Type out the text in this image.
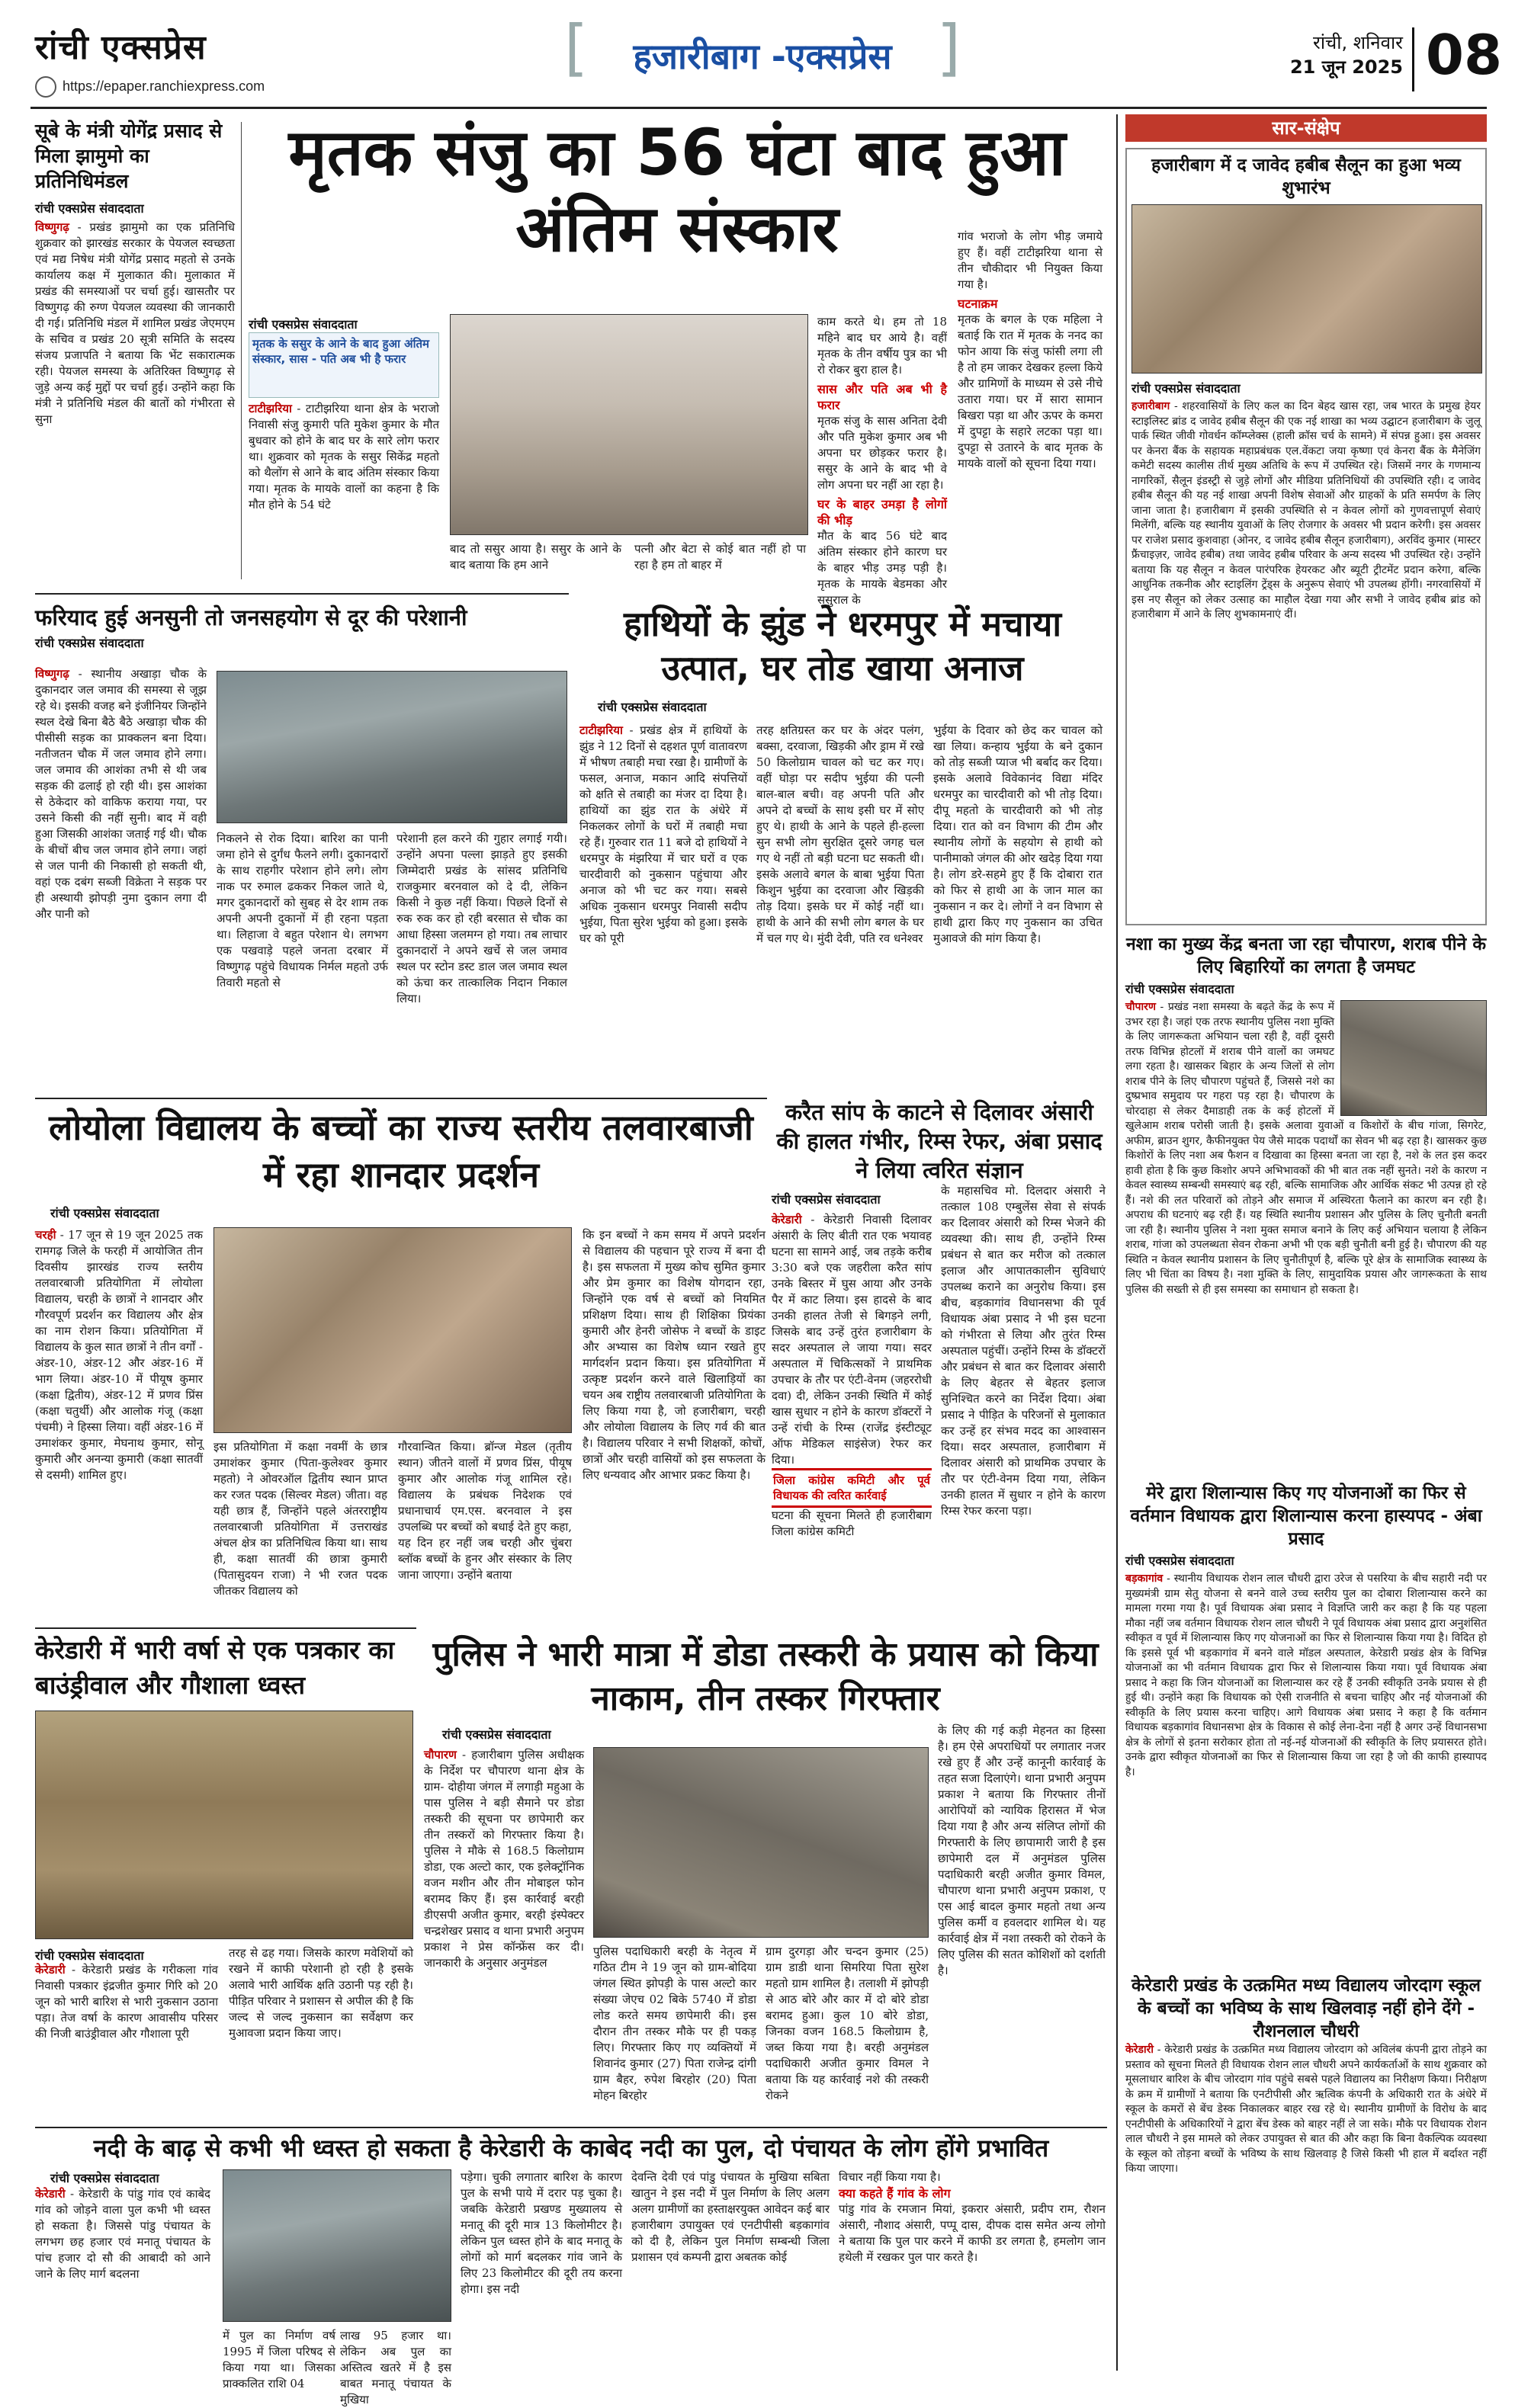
रांची एक्सप्रेस
https://epaper.ranchiexpress.com
[	हजारीबाग -एक्सप्रेस ]	रांची, शनिवार
21 जून 2025 08
सूबे के मंत्री योगेंद्र प्रसाद से मिला झामुमो का प्रतिनिधिमंडल
रांची एक्सप्रेस संवाददाता
विष्णुगढ़ - प्रखंड झामुमो का एक प्रतिनिधि शुक्रवार को झारखंड सरकार के पेयजल स्वच्छता एवं मद्य निषेध मंत्री योगेंद्र प्रसाद महतो से उनके कार्यालय कक्ष में मुलाकात की। मुलाकात में प्रखंड की समस्याओं पर चर्चा हुई। खासतौर पर विष्णुगढ़ की रुग्ण पेयजल व्यवस्था की जानकारी दी गई। प्रतिनिधि मंडल में शामिल प्रखंड जेएमएम के सचिव व प्रखंड 20 सूत्री समिति के सदस्य संजय प्रजापति ने बताया कि भेंट सकारात्मक रही। पेयजल समस्या के अतिरिक्त विष्णुगढ़ से जुड़े अन्य कई मुद्दों पर चर्चा हुई। उन्होंने कहा कि मंत्री ने प्रतिनिधि मंडल की बातों को गंभीरता से सुना
मृतक संजु का 56 घंटा बाद हुआ अंतिम संस्कार
रांची एक्सप्रेस संवाददाता
मृतक के ससुर के आने के बाद हुआ अंतिम संस्कार, सास - पति अब भी है फरार
टाटीझरिया - टाटीझरिया थाना क्षेत्र के भराजो निवासी संजु कुमारी पति मुकेश कुमार के मौत बुधवार को होने के बाद घर के सारे लोग फरार था। शुक्रवार को मृतक के ससुर सिकेंद्र महतो को थैलोंग से आने के बाद अंतिम संस्कार किया गया। मृतक के मायके वालों का कहना है कि मौत होने के 54 घंटे
बाद तो ससुर आया है। ससुर के आने के बाद बताया कि हम आने
पत्नी और बेटा से कोई बात नहीं हो पा रहा है हम तो बाहर में

काम करते थे। हम तो 18 महिने बाद घर आये है। वहीं मृतक के तीन वर्षीय पुत्र का भी रो रोकर बुरा हाल है।

सास और पति अब भी है फरार

मृतक संजु के सास अनिता देवी और पति मुकेश कुमार अब भी अपना घर छोड़कर फरार है। ससुर के आने के बाद भी वे लोग अपना घर नहीं आ रहा है।

घर के बाहर उमड़ा है लोगों की भीड़

मौत के बाद 56 घंटे बाद अंतिम संस्कार होने कारण घर के बाहर भीड़ उमड़ पड़ी है। मृतक के मायके बेडमका और ससुराल के

गांव भराजो के लोग भीड़ जमाये हुए हैं। वहीं टाटीझरिया थाना से तीन चौकीदार भी नियुक्त किया गया है।

घटनाक्रम

मृतक के बगल के एक महिला ने बताई कि रात में मृतक के ननद का फोन आया कि संजु फांसी लगा ली है तो हम जाकर देखकर हल्ला किये और ग्रामिणों के माध्यम से उसे नीचे उतारा गया। घर में सारा सामान बिखरा पड़ा था और ऊपर के कमरा में दुपट्टा के सहारे लटका पड़ा था। दुपट्टा से उतारने के बाद मृतक के मायके वालों को सूचना दिया गया।

फरियाद हुई अनसुनी तो जनसहयोग से दूर की परेशानी
रांची एक्सप्रेस संवाददाता
विष्णुगढ़ - स्थानीय अखाड़ा चौक के दुकानदार जल जमाव की समस्या से जूझ रहे थे। इसकी वजह बने इंजीनियर जिन्होंने स्थल देखे बिना बैठे बैठे अखाड़ा चौक की पीसीसी सड़क का प्राक्कलन बना दिया। नतीजतन चौक में जल जमाव होने लगा। जल जमाव की आशंका तभी से थी जब सड़क की ढलाई हो रही थी। इस आशंका से ठेकेदार को वाकिफ कराया गया, पर उसने किसी की नहीं सुनी। बाद में वही हुआ जिसकी आशंका जताई गई थी। चौक के बीचों बीच जल जमाव होने लगा। जहां से जल पानी की निकासी हो सकती थी, वहां एक दबंग सब्जी विक्रेता ने सड़क पर ही अस्थायी झोपड़ी नुमा दुकान लगा दी और पानी को
निकलने से रोक दिया। बारिश का पानी जमा होने से दुर्गंध फैलने लगी। दुकानदारों के साथ राहगीर परेशान होने लगे। लोग नाक पर रुमाल ढककर निकल जाते थे, मगर दुकानदारों को सुबह से देर शाम तक अपनी अपनी दुकानों में ही रहना पड़ता था। लिहाजा वे बहुत परेशान थे। लगभग एक पखवाड़े पहले जनता दरबार में विष्णुगढ़ पहुंचे विधायक निर्मल महतो उर्फ तिवारी महतो से
परेशानी हल करने की गुहार लगाई गयी। उन्होंने अपना पल्ला झाड़ते हुए इसकी जिम्मेदारी प्रखंड के सांसद प्रतिनिधि राजकुमार बरनवाल को दे दी, लेकिन किसी ने कुछ नहीं किया। पिछले दिनों से रुक रुक कर हो रही बरसात से चौक का आधा हिस्सा जलमग्न हो गया। तब लाचार दुकानदारों ने अपने खर्चे से जल जमाव स्थल पर स्टोन डस्ट डाल जल जमाव स्थल को ऊंचा कर तात्कालिक निदान निकाल लिया।
हाथियों के झुंड ने धरमपुर में मचाया उत्पात, घर तोड खाया अनाज
रांची एक्सप्रेस संवाददाता
टाटीझरिया - प्रखंड क्षेत्र में हाथियों के झुंड ने 12 दिनों से दहशत पूर्ण वातावरण में भीषण तबाही मचा रखा है। ग्रामीणों के फसल, अनाज, मकान आदि संपत्तियों को क्षति से तबाही का मंजर दा दिया है। हाथियों का झुंड रात के अंधेरे में निकलकर लोगों के घरों में तबाही मचा रहे हैं। गुरुवार रात 11 बजे दो हाथियों ने धरमपुर के मंझरिया में चार घरों व एक चारदीवारी को नुकसान पहुंचाया और अनाज को भी चट कर गया। सबसे अधिक नुकसान धरमपुर निवासी सदीप भुईया, पिता सुरेश भुईया को हुआ। इसके घर को पूरी
तरह क्षतिग्रस्त कर घर के अंदर पलंग, बक्सा, दरवाजा, खिड़की और ड्राम में रखे 50 किलोग्राम चावल को चट कर गए। वहीं घोड़ा पर सदीप भुईया की पत्नी बाल-बाल बची। वह अपनी पति और अपने दो बच्चों के साथ इसी घर में सोए हुए थे। हाथी के आने के पहले ही-हल्ला सुन सभी लोग सुरक्षित दूसरे जगह चल गए थे नहीं तो बड़ी घटना घट सकती थी। इसके अलावे बगल के बाबा भुईया पिता किशुन भुईया का दरवाजा और खिड़की तोड़ दिया। इसके घर में कोई नहीं था। हाथी के आने की सभी लोग बगल के घर में चल गए थे। मुंदी देवी, पति रव धनेश्वर
भुईया के दिवार को छेद कर चावल को खा लिया। कन्हाय भुईया के बने दुकान को तोड़ सब्जी प्याज भी बर्बाद कर दिया। इसके अलावे विवेकानंद विद्या मंदिर धरमपुर का चारदीवारी को भी तोड़ दिया। दीपू महतो के चारदीवारी को भी तोड़ दिया। रात को वन विभाग की टीम और स्थानीय लोगों के सहयोग से हाथी को पानीमाको जंगल की ओर खदेड़ दिया गया है। लोग डरे-सहमे हुए हैं कि दोबारा रात को फिर से हाथी आ के जान माल का नुकसान न कर दे। लोगों ने वन विभाग से हाथी द्वारा किए गए नुकसान का उचित मुआवजे की मांग किया है।
लोयोला विद्यालय के बच्चों का राज्य स्तरीय तलवारबाजी में रहा शानदार प्रदर्शन
रांची एक्सप्रेस संवाददाता
चरही - 17 जून से 19 जून 2025 तक रामगढ़ जिले के फरही में आयोजित तीन दिवसीय झारखंड राज्य स्तरीय तलवारबाजी प्रतियोगिता में लोयोला विद्यालय, चरही के छात्रों ने शानदार और गौरवपूर्ण प्रदर्शन कर विद्यालय और क्षेत्र का नाम रोशन किया। प्रतियोगिता में विद्यालय के कुल सात छात्रों ने तीन वर्गों - अंडर-10, अंडर-12 और अंडर-16 में भाग लिया। अंडर-10 में पीयूष कुमार (कक्षा द्वितीय), अंडर-12 में प्रणव प्रिंस (कक्षा चतुर्थी) और आलोक गंजू (कक्षा पंचमी) ने हिस्सा लिया। वहीं अंडर-16 में उमाशंकर कुमार, मेघनाथ कुमार, सोनू कुमारी और अनन्या कुमारी (कक्षा सातवीं से दसमी) शामिल हुए।
इस प्रतियोगिता में कक्षा नवमीं के छात्र उमाशंकर कुमार (पिता-कुलेश्वर कुमार महतो) ने ओवरऑल द्वितीय स्थान प्राप्त कर रजत पदक (सिल्वर मेडल) जीता। वह यही छात्र हैं, जिन्होंने पहले अंतरराष्ट्रीय तलवारबाजी प्रतियोगिता में उत्तराखंड अंचल क्षेत्र का प्रतिनिधित्व किया था। साथ ही, कक्षा सातवीं की छात्रा कुमारी (पितासुदयन राजा) ने भी रजत पदक जीतकर विद्यालय को
गौरवान्वित किया। ब्रॉन्ज मेडल (तृतीय स्थान) जीतने वालों में प्रणव प्रिंस, पीयूष कुमार और आलोक गंजू शामिल रहे। विद्यालय के प्रबंधक निदेशक एवं प्रधानाचार्य एम.एस. बरनवाल ने इस उपलब्धि पर बच्चों को बधाई देते हुए कहा, यह दिन हर नहीं जब चरही और चुंबरा ब्लॉक बच्चों के हुनर और संस्कार के लिए जाना जाएगा। उन्होंने बताया
कि इन बच्चों ने कम समय में अपने प्रदर्शन से विद्यालय की पहचान पूरे राज्य में बना दी है। इस सफलता में मुख्य कोच सुमित कुमार और प्रेम कुमार का विशेष योगदान रहा, जिन्होंने एक वर्ष से बच्चों को नियमित प्रशिक्षण दिया। साथ ही शिक्षिका प्रियंका कुमारी और हेनरी जोसेफ ने बच्चों के डाइट और अभ्यास का विशेष ध्यान रखते हुए मार्गदर्शन प्रदान किया। इस प्रतियोगिता में उत्कृष्ट प्रदर्शन करने वाले खिलाड़ियों का चयन अब राष्ट्रीय तलवारबाजी प्रतियोगिता के लिए किया गया है, जो हजारीबाग, चरही और लोयोला विद्यालय के लिए गर्व की बात है। विद्यालय परिवार ने सभी शिक्षकों, कोचों, छात्रों और चरही वासियों को इस सफलता के लिए धन्यवाद और आभार प्रकट किया है।
करैत सांप के काटने से दिलावर अंसारी की हालत गंभीर, रिम्स रेफर, अंबा प्रसाद ने लिया त्वरित संज्ञान
रांची एक्सप्रेस संवाददाता

केरेडारी - केरेडारी निवासी दिलावर अंसारी के लिए बीती रात एक भयावह घटना सा सामने आई, जब तड़के करीब 3:30 बजे एक जहरीला करैत सांप उनके बिस्तर में घुस आया और उनके पैर में काट लिया। इस हादसे के बाद उनकी हालत तेजी से बिगड़ने लगी, जिसके बाद उन्हें तुरंत हजारीबाग के सदर अस्पताल ले जाया गया। सदर अस्पताल में चिकित्सकों ने प्राथमिक उपचार के तौर पर एंटी-वेनम (जहररोधी दवा) दी, लेकिन उनकी स्थिति में कोई खास सुधार न होने के कारण डॉक्टरों ने उन्हें रांची के रिम्स (राजेंद्र इंस्टीट्यूट ऑफ मेडिकल साइंसेज) रेफर कर दिया।

जिला कांग्रेस कमिटी और पूर्व विधायक की त्वरित कार्रवाई

घटना की सूचना मिलते ही हजारीबाग जिला कांग्रेस कमिटी

के महासचिव मो. दिलदार अंसारी ने तत्काल 108 एम्बुलेंस सेवा से संपर्क कर दिलावर अंसारी को रिम्स भेजने की व्यवस्था की। साथ ही, उन्होंने रिम्स प्रबंधन से बात कर मरीज को तत्काल इलाज और आपातकालीन सुविधाएं उपलब्ध कराने का अनुरोध किया। इस बीच, बड़कागांव विधानसभा की पूर्व विधायक अंबा प्रसाद ने भी इस घटना को गंभीरता से लिया और तुरंत रिम्स अस्पताल पहुंचीं। उन्होंने रिम्स के डॉक्टरों और प्रबंधन से बात कर दिलावर अंसारी के लिए बेहतर से बेहतर इलाज सुनिश्चित करने का निर्देश दिया। अंबा प्रसाद ने पीड़ित के परिजनों से मुलाकात कर उन्हें हर संभव मदद का आश्वासन दिया। सदर अस्पताल, हजारीबाग में दिलावर अंसारी को प्राथमिक उपचार के तौर पर एंटी-वेनम दिया गया, लेकिन उनकी हालत में सुधार न होने के कारण रिम्स रेफर करना पड़ा।
केरेडारी में भारी वर्षा से एक पत्रकार का बाउंड्रीवाल और गौशाला ध्वस्त
रांची एक्सप्रेस संवाददाता
केरेडारी - केरेडारी प्रखंड के गरीकला गांव निवासी पत्रकार इंद्रजीत कुमार गिरि को 20 जून को भारी बारिश से भारी नुकसान उठाना पड़ा। तेज वर्षा के कारण आवासीय परिसर की निजी बाउंड्रीवाल और गौशाला पूरी
तरह से ढह गया। जिसके कारण मवेशियों को रखने में काफी परेशानी हो रही है इसके अलावे भारी आर्थिक क्षति उठानी पड़ रही है। पीड़ित परिवार ने प्रशासन से अपील की है कि जल्द से जल्द नुकसान का सर्वेक्षण कर मुआवजा प्रदान किया जाए।
पुलिस ने भारी मात्रा में डोडा तस्करी के प्रयास को किया नाकाम, तीन तस्कर गिरफ्तार
रांची एक्सप्रेस संवाददाता
चौपारण - हजारीबाग पुलिस अधीक्षक के निर्देश पर चौपारण थाना क्षेत्र के ग्राम- दोहीया जंगल में लगाड़ी महुआ के पास पुलिस ने बड़ी सैमाने पर डोडा तस्करी की सूचना पर छापेमारी कर तीन तस्करों को गिरफ्तार किया है। पुलिस ने मौके से 168.5 किलोग्राम डोडा, एक अल्टो कार, एक इलेक्ट्रॉनिक वजन मशीन और तीन मोबाइल फोन बरामद किए हैं। इस कार्रवाई बरही डीएसपी अजीत कुमार, बरही इंस्पेक्टर चन्द्रशेखर प्रसाद व थाना प्रभारी अनुपम प्रकाश ने प्रेस कॉन्फ्रेंस कर दी। जानकारी के अनुसार अनुमंडल
पुलिस पदाधिकारी बरही के नेतृत्व में गठित टीम ने 19 जून को ग्राम-बोदिया जंगल स्थित झोपड़ी के पास अल्टो कार संख्या जेएच 02 बिके 5740 में डोडा लोड करते समय छापेमारी की। इस दौरान तीन तस्कर मौके पर ही पकड़ लिए। गिरफ्तार किए गए व्यक्तियों में शिवानंद कुमार (27) पिता राजेन्द्र दांगी ग्राम बैहर, रुपेश बिरहोर (20) पिता मोहन बिरहोर
ग्राम दुरगड़ा और चन्दन कुमार (25) ग्राम डाडी थाना सिमरिया पिता सुरेश महतो ग्राम शामिल है। तलाशी में झोपड़ी से आठ बोरे और कार में दो बोरे डोडा बरामद हुआ। कुल 10 बोरे डोडा, जिनका वजन 168.5 किलोग्राम है, जब्त किया गया है। बरही अनुमंडल पदाधिकारी अजीत कुमार विमल ने बताया कि यह कार्रवाई नशे की तस्करी रोकने
के लिए की गई कड़ी मेहनत का हिस्सा है। हम ऐसे अपराधियों पर लगातार नजर रखे हुए हैं और उन्हें कानूनी कार्रवाई के तहत सजा दिलाएंगे। थाना प्रभारी अनुपम प्रकाश ने बताया कि गिरफ्तार तीनों आरोपियों को न्यायिक हिरासत में भेज दिया गया है और अन्य संलिप्त लोगों की गिरफ्तारी के लिए छापामारी जारी है इस छापेमारी दल में अनुमंडल पुलिस पदाधिकारी बरही अजीत कुमार विमल, चौपारण थाना प्रभारी अनुपम प्रकाश, ए एस आई बादल कुमार महतो तथा अन्य पुलिस कर्मी व हवलदार शामिल थे। यह कार्रवाई क्षेत्र में नशा तस्करी को रोकने के लिए पुलिस की सतत कोशिशों को दर्शाती है।
नदी के बाढ़ से कभी भी ध्वस्त हो सकता है केरेडारी के काबेद नदी का पुल, दो पंचायत के लोग होंगे प्रभावित
रांची एक्सप्रेस संवाददाता
केरेडारी - केरेडारी के पांडु गांव एवं काबेद गांव को जोड़ने वाला पुल कभी भी ध्वस्त हो सकता है। जिससे पांडु पंचायत के लगभग छह हजार एवं मनातू पंचायत के पांच हजार दो सौ की आबादी को आने जाने के लिए मार्ग बदलना
पड़ेगा। चुकी लगातार बारिश के कारण पुल के सभी पाये में दरार पड़ चुका है। जबकि केरेडारी प्रखण्ड मुख्यालय से मनातू की दूरी मात्र 13 किलोमीटर है। लेकिन पुल ध्वस्त होने के बाद मनातू के लोगों को मार्ग बदलकर गांव जाने के लिए 23 किलोमीटर की दूरी तय करना होगा। इस नदी
में पुल का निर्माण वर्ष 1995 में जिला परिषद से किया गया था। जिसका प्राक्कलित राशि 04
लाख 95 हजार था। लेकिन अब पुल का अस्तित्व खतरे में है इस बाबत मनातू पंचायत के मुखिया
देवन्ति देवी एवं पांडु पंचायत के मुखिया सबिता खातुन ने इस नदी में पुल निर्माण के लिए अलग अलग ग्रामीणों का हस्ताक्षरयुक्त आवेदन कई बार हजारीबाग उपायुक्त एवं एनटीपीसी बड़कागांव को दी है, लेकिन पुल निर्माण सम्बन्धी जिला प्रशासन एवं कम्पनी द्वारा अबतक कोई

विचार नहीं किया गया है।

क्या कहते हैं गांव के लोग

पांडु गांव के रमजान मियां, इकरार अंसारी, प्रदीप राम, रौशन अंसारी, नौशाद अंसारी, पप्पू दास, दीपक दास समेत अन्य लोगो ने बताया कि पुल पार करने में काफी डर लगता है, हमलोग जान हथेली में रखकर पुल पार करते है।

सार-संक्षेप
हजारीबाग में द जावेद हबीब सैलून का हुआ भव्य शुभारंभ
रांची एक्सप्रेस संवाददाता
हजारीबाग - शहरवासियों के लिए कल का दिन बेहद खास रहा, जब भारत के प्रमुख हेयर स्टाइलिस्ट ब्रांड द जावेद हबीब सैलून की एक नई शाखा का भव्य उद्घाटन हजारीबाग के जुलू पार्क स्थित जीवी गोवर्धन कॉम्प्लेक्स (हाली क्रॉस चर्च के सामने) में संपन्न हुआ। इस अवसर पर केनरा बैंक के सहायक महाप्रबंधक एल.वेंकटा जया कृष्णा एवं केनरा बैंक के मैनेजिंग कमेटी सदस्य कालीस तीर्थ मुख्य अतिथि के रूप में उपस्थित रहे। जिसमें नगर के गणमान्य नागरिकों, सैलून इंडस्ट्री से जुड़े लोगों और मीडिया प्रतिनिधियों की उपस्थिति रही। द जावेद हबीब सैलून की यह नई शाखा अपनी विशेष सेवाओं और ग्राहकों के प्रति समर्पण के लिए जाना जाता है। हजारीबाग में इसकी उपस्थिति से न केवल लोगों को गुणवत्तापूर्ण सेवाएं मिलेंगी, बल्कि यह स्थानीय युवाओं के लिए रोजगार के अवसर भी प्रदान करेगी। इस अवसर पर राजेश प्रसाद कुशवाहा (ओनर, द जावेद हबीब सैलून हजारीबाग), अरविंद कुमार (मास्टर फ्रैंचाइज़र, जावेद हबीब) तथा जावेद हबीब परिवार के अन्य सदस्य भी उपस्थित रहे। उन्होंने बताया कि यह सैलून न केवल पारंपरिक हेयरकट और ब्यूटी ट्रीटमेंट प्रदान करेगा, बल्कि आधुनिक तकनीक और स्टाइलिंग ट्रेंड्स के अनुरूप सेवाएं भी उपलब्ध होंगी। नगरवासियों में इस नए सैलून को लेकर उत्साह का माहौल देखा गया और सभी ने जावेद हबीब ब्रांड को हजारीबाग में आने के लिए शुभकामनाएं दीं।
नशा का मुख्य केंद्र बनता जा रहा चौपारण, शराब पीने के लिए बिहारियों का लगता है जमघट
रांची एक्सप्रेस संवाददाता
चौपारण - प्रखंड नशा समस्या के बढ़ते केंद्र के रूप में उभर रहा है। जहां एक तरफ स्थानीय पुलिस नशा मुक्ति के लिए जागरूकता अभियान चला रही है, वहीं दूसरी तरफ विभिन्न होटलों में शराब पीने वालों का जमघट लगा रहता है। खासकर बिहार के अन्य जिलों से लोग शराब पीने के लिए चौपारण पहुंचते हैं, जिससे नशे का दुष्प्रभाव समुदाय पर गहरा पड़ रहा है। चौपारण के चोरदाहा से लेकर दैमाडाही तक के कई होटलों में खुलेआम शराब परोसी जाती है। इसके अलावा युवाओं व किशोरों के बीच गांजा, सिगरेट, अफीम, ब्राउन शुगर, कैफीनयुक्त पेय जैसे मादक पदार्थों का सेवन भी बढ़ रहा है। खासकर कुछ किशोरों के लिए नशा अब फैशन व दिखावा का हिस्सा बनता जा रहा है, नशे के लत इस कदर हावी होता है कि कुछ किशोर अपने अभिभावकों की भी बात तक नहीं सुनते। नशे के कारण न केवल स्वास्थ्य सम्बन्धी समस्याएं बढ़ रही, बल्कि सामाजिक और आर्थिक संकट भी उत्पन्न हो रहे हैं। नशे की लत परिवारों को तोड़ने और समाज में अस्थिरता फैलाने का कारण बन रही है। अपराध की घटनाएं बढ़ रही हैं। यह स्थिति स्थानीय प्रशासन और पुलिस के लिए चुनौती बनती जा रही है। स्थानीय पुलिस ने नशा मुक्त समाज बनाने के लिए कई अभियान चलाया है लेकिन शराब, गांजा को उपलब्धता सेवन रोकना अभी भी एक बड़ी चुनौती बनी हुई है। चौपारण की यह स्थिति न केवल स्थानीय प्रशासन के लिए चुनौतीपूर्ण है, बल्कि पूरे क्षेत्र के सामाजिक स्वास्थ्य के लिए भी चिंता का विषय है। नशा मुक्ति के लिए, सामुदायिक प्रयास और जागरूकता के साथ पुलिस की सख्ती से ही इस समस्या का समाधान हो सकता है।
मेरे द्वारा शिलान्यास किए गए योजनाओं का फिर से वर्तमान विधायक द्वारा शिलान्यास करना हास्यपद - अंबा प्रसाद
रांची एक्सप्रेस संवाददाता
बड़कागांव - स्थानीय विधायक रोशन लाल चौधरी द्वारा उरेज से पसरिया के बीच सहारी नदी पर मुख्यमंत्री ग्राम सेतु योजना से बनने वाले उच्च स्तरीय पुल का दोबारा शिलान्यास करने का मामला गरमा गया है। पूर्व विधायक अंबा प्रसाद ने विज्ञप्ति जारी कर कहा है कि यह पहला मौका नहीं जब वर्तमान विधायक रोशन लाल चौधरी ने पूर्व विधायक अंबा प्रसाद द्वारा अनुशंसित स्वीकृत व पूर्व में शिलान्यास किए गए योजनाओं का फिर से शिलान्यास किया गया है। विदित हो कि इससे पूर्व भी बड़कागांव में बनने वाले मॉडल अस्पताल, केरेडारी प्रखंड क्षेत्र के विभिन्न योजनाओं का भी वर्तमान विधायक द्वारा फिर से शिलान्यास किया गया। पूर्व विधायक अंबा प्रसाद ने कहा कि जिन योजनाओं का शिलान्यास कर रहे हैं उनकी स्वीकृति उनके प्रयास से ही हुई थी। उन्होंने कहा कि विधायक को ऐसी राजनीति से बचना चाहिए और नई योजनाओं की स्वीकृति के लिए प्रयास करना चाहिए। आगे विधायक अंबा प्रसाद ने कहा है कि वर्तमान विधायक बड़कागांव विधानसभा क्षेत्र के विकास से कोई लेना-देना नहीं है अगर उन्हें विधानसभा क्षेत्र के लोगों से इतना सरोकार होता तो नई-नई योजनाओं की स्वीकृति के लिए प्रयासरत होते। उनके द्वारा स्वीकृत योजनाओं का फिर से शिलान्यास किया जा रहा है जो की काफी हास्यापद है।
केरेडारी प्रखंड के उत्क्रमित मध्य विद्यालय जोरदाग स्कूल के बच्चों का भविष्य के साथ खिलवाड़ नहीं होने देंगे - रौशनलाल चौधरी
केरेडारी - केरेडारी प्रखंड के उत्क्रमित मध्य विद्यालय जोरदाग को अविलंब कंपनी द्वारा तोड़ने का प्रस्ताव को सूचना मिलते ही विधायक रोशन लाल चौधरी अपने कार्यकर्ताओं के साथ शुक्रवार को मूसलाधार बारिश के बीच जोरदाग गांव पहुंचे सबसे पहले विद्यालय का निरीक्षण किया। निरीक्षण के क्रम में ग्रामीणों ने बताया कि एनटीपीसी और ऋत्विक कंपनी के अधिकारी रात के अंधेरे में स्कूल के कमरों से बेंच डेस्क निकालकर बाहर रख रहे थे। स्थानीय ग्रामीणों के विरोध के बाद एनटीपीसी के अधिकारियों ने द्वारा बेंच डेस्क को बाहर नहीं ले जा सके। मौके पर विधायक रोशन लाल चौधरी ने इस मामले को लेकर उपायुक्त से बात की और कहा कि बिना वैकल्पिक व्यवस्था के स्कूल को तोड़ना बच्चों के भविष्य के साथ खिलवाड़ है जिसे किसी भी हाल में बर्दाश्त नहीं किया जाएगा।
